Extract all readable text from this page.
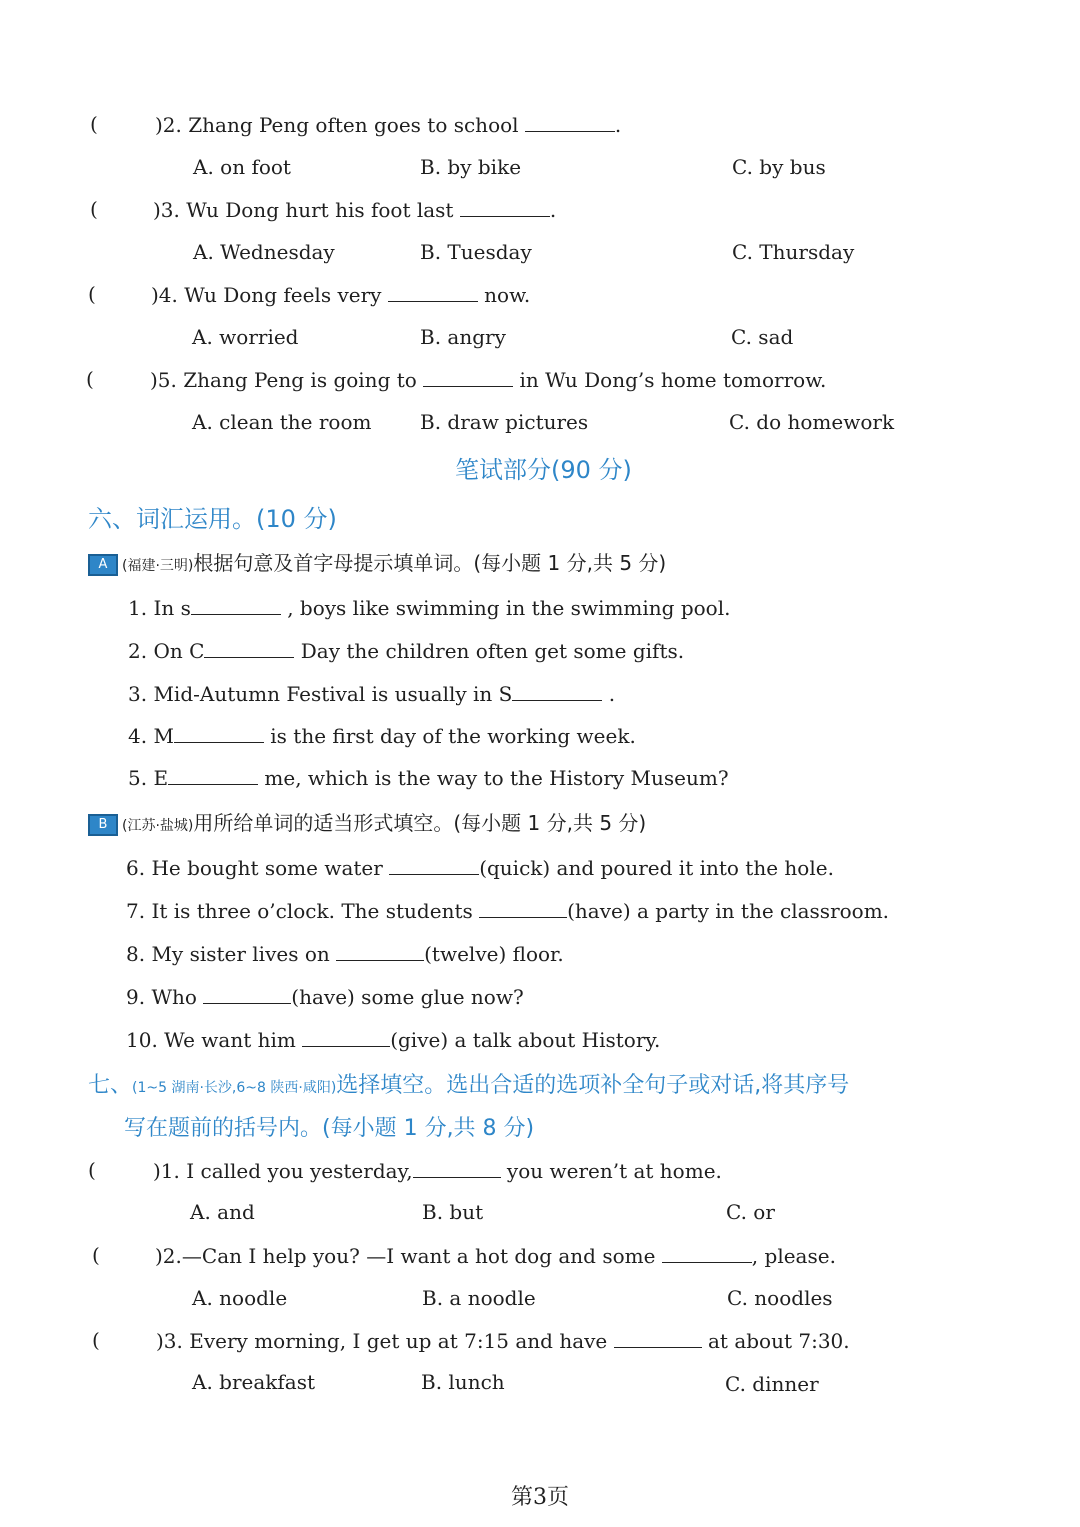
(	)2. Zhang Peng often goes to school	.
A. on foot	B. by bike	C. by bus
(	)3. Wu Dong hurt his foot last	.
A. Wednesday	B. Tuesday	C. Thursday
(	)4. Wu Dong feels very	now.
A. worried	B. angry	C. sad
(	)5. Zhang Peng is going to	in Wu Dong’s home tomorrow.
A. clean the room B. draw pictures	C. do homework
笔试部分(90 分)
六、词汇运用。(10 分)
A (福建·三明)根据句意及首字母提示填单词。(每小题 1 分,共 5 分)
1. In s	, boys like swimming in the swimming pool.
2. On C	Day the children often get some gifts.
3. Mid-Autumn Festival is usually in S	.
4. M	is the first day of the working week.
5. E	me, which is the way to the History Museum?
B (江苏·盐城)用所给单词的适当形式填空。(每小题 1 分,共 5 分)
6. He bought some water	(quick) and poured it into the hole.
7. It is three o’clock. The students	(have) a party in the classroom.
8. My sister lives on	(twelve) floor.
9. Who	(have) some glue now?
10. We want him	(give) a talk about History.
七、(1~5 湖南·长沙,6~8 陕西·咸阳)选择填空。选出合适的选项补全句子或对话,将其序号
写在题前的括号内。(每小题 1 分,共 8 分)
(	)1. I called you yesterday,	you weren’t at home.
A. and	B. but	C. or
(	)2.—Can I help you? —I want a hot dog and some	, please.
A. noodle	B. a noodle	C. noodles
(	)3. Every morning, I get up at 7:15 and have	at about 7:30.
A. breakfast	B. lunch	C. dinner
第3页
